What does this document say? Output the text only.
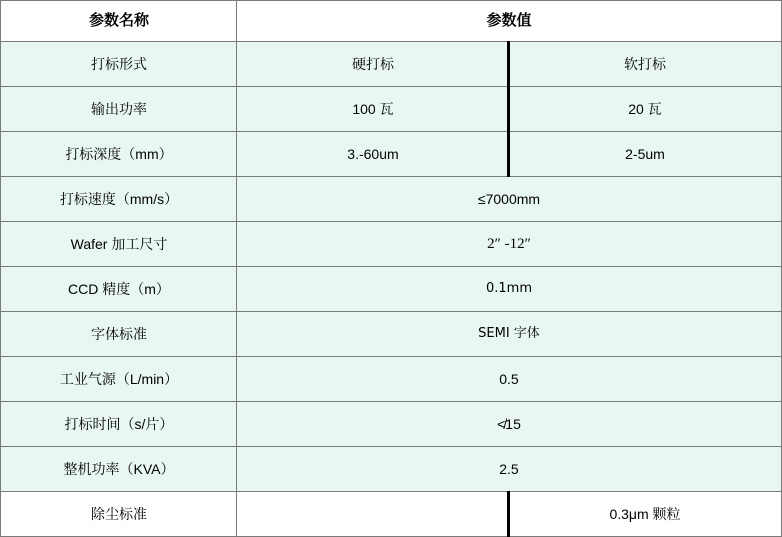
参数名称	参数值	
打标形式	硬打标	软打标
输出功率	100 瓦	20 瓦
打标深度（mm）	3.-60um	2-5um
打标速度（mm/s）	≤7000mm	

Wafer 加工尺寸	2″ -12″	

CCD 精度（m）	0.1mm	

字体标准	SEMI 字体	

工业气源（L/min）	0.5	

打标时间（s/片）	≮15	

整机功率（KVA）	2.5	

除尘标准		0.3μm 颗粒
